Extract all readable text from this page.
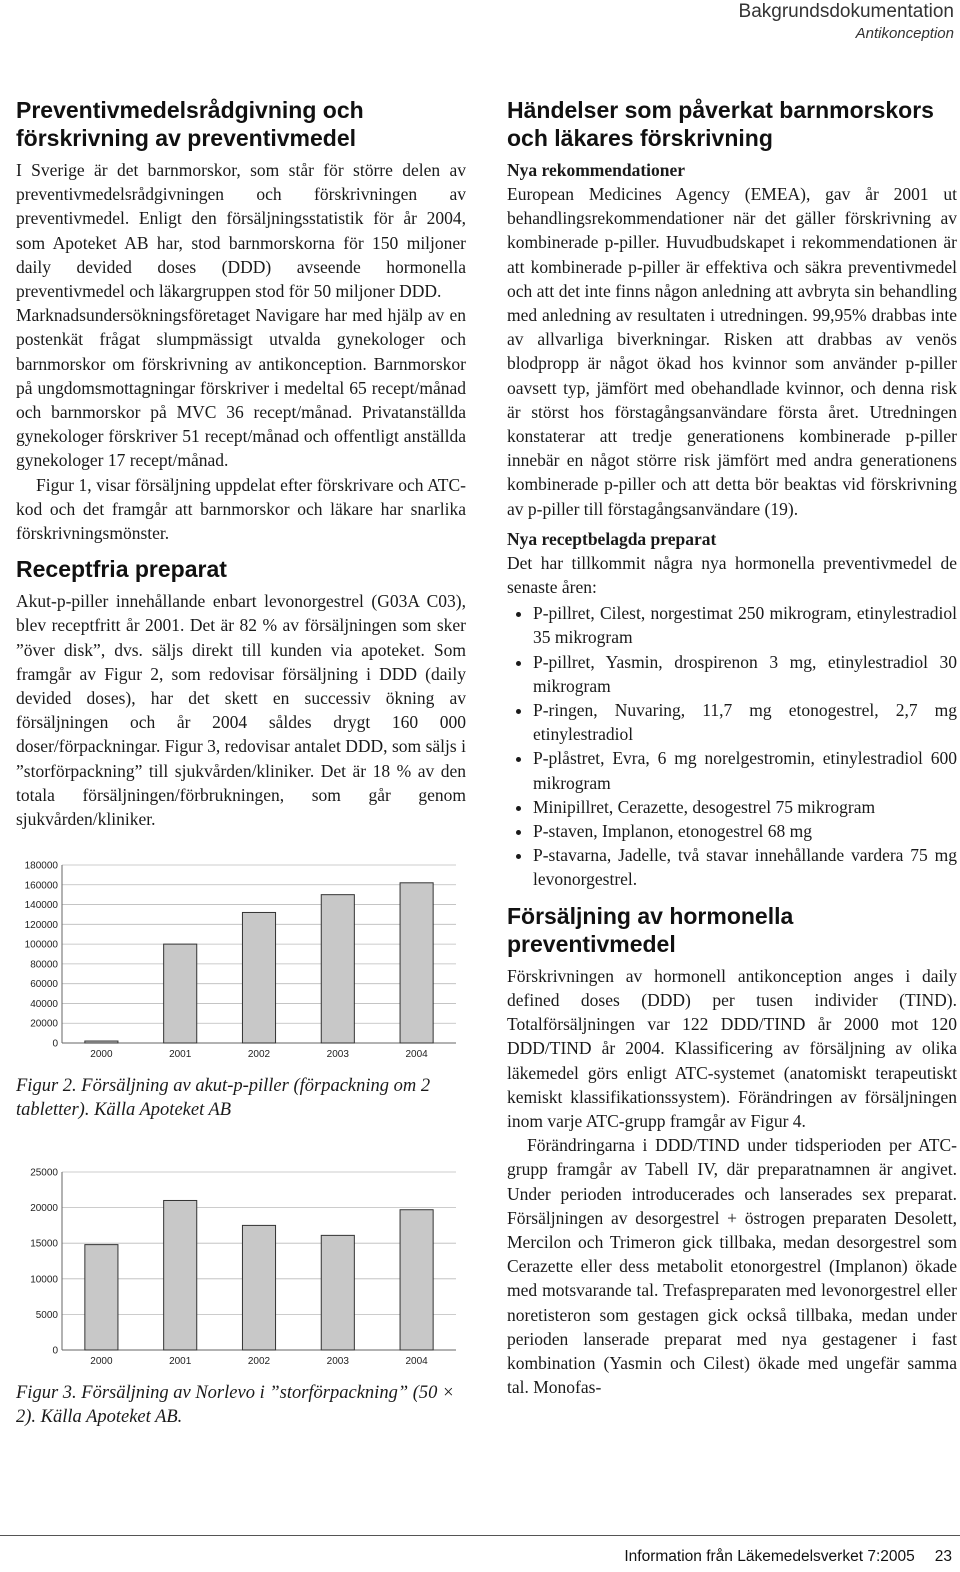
Bakgrundsdokumentation
Antikonception
Preventivmedelsrådgivning och förskrivning av preventivmedel

I Sverige är det barnmorskor, som står för större delen av preventivmedelsrådgivningen och förskrivningen av preventivmedel. Enligt den försäljningsstatistik för år 2004, som Apoteket AB har, stod barnmorskorna för 150 miljoner daily devided doses (DDD) avseende hormonella preventivmedel och läkargruppen stod för 50 miljoner DDD.

Marknadsundersökningsföretaget Navigare har med hjälp av en postenkät frågat slumpmässigt utvalda gynekologer och barnmorskor om förskrivning av antikonception. Barnmorskor på ungdomsmottagningar förskriver i medeltal 65 recept/månad och barnmorskor på MVC 36 recept/månad. Privatanställda gynekologer förskriver 51 recept/månad och offentligt anställda gynekologer 17 recept/månad.

Figur 1, visar försäljning uppdelat efter förskrivare och ATC-kod och det framgår att barnmorskor och läkare har snarlika förskrivningsmönster.

Receptfria preparat

Akut-p-piller innehållande enbart levonorgestrel (G03A C03), blev receptfritt år 2001. Det är 82 % av försäljningen som sker ”över disk”, dvs. säljs direkt till kunden via apoteket. Som framgår av Figur 2, som redovisar försäljning i DDD (daily devided doses), har det skett en successiv ökning av försäljningen och år 2004 såldes drygt 160 000 doser/förpackningar. Figur 3, redovisar antalet DDD, som säljs i ”storförpackning” till sjukvården/kliniker. Det är 18 % av den totala försäljningen/förbrukningen, som går genom sjukvården/kliniker.

0
20000
40000
60000
80000
100000
120000
140000
160000
180000
2000	2001	2002	2003	2004
Figur 2. Försäljning av akut-p-piller (förpackning om 2 tabletter). Källa Apoteket AB
0
5000
10000
15000
20000
25000
2000	2001	2002	2003	2004
Figur 3. Försäljning av Norlevo i ”storförpackning” (50 × 2). Källa Apoteket AB.
Händelser som påverkat barnmorskors och läkares förskrivning
Nya rekommendationer

European Medicines Agency (EMEA), gav år 2001 ut behandlingsrekommendationer när det gäller förskrivning av kombinerade p-piller. Huvudbudskapet i rekommendationen är att kombinerade p-piller är effektiva och säkra preventivmedel och att det inte finns någon anledning att avbryta sin behandling med anledning av resultaten i utredningen. 99,95% drabbas inte av allvarliga biverkningar. Risken att drabbas av venös blodpropp är något ökad hos kvinnor som använder p-piller oavsett typ, jämfört med obehandlade kvinnor, och denna risk är störst hos förstagångsanvändare första året. Utredningen konstaterar att tredje generationens kombinerade p-piller innebär en något större risk jämfört med andra generationens kombinerade p-piller och att detta bör beaktas vid förskrivning av p-piller till förstagångsanvändare (19).

Nya receptbelagda preparat

Det har tillkommit några nya hormonella preventivmedel de senaste åren:

• P-pillret, Cilest, norgestimat 250 mikrogram, etinylestradiol 35 mikrogram
• P-pillret, Yasmin, drospirenon 3 mg, etinylestradiol 30 mikrogram
• P-ringen, Nuvaring, 11,7 mg etonogestrel, 2,7 mg etinylestradiol
• P-plåstret, Evra, 6 mg norelgestromin, etinylestradiol 600 mikrogram
• Minipillret, Cerazette, desogestrel 75 mikrogram
• P-staven, Implanon, etonogestrel 68 mg
• P-stavarna, Jadelle, två stavar innehållande vardera 75 mg levonorgestrel.
Försäljning av hormonella preventivmedel

Förskrivningen av hormonell antikonception anges i daily defined doses (DDD) per tusen individer (TIND). Totalförsäljningen var 122 DDD/TIND år 2000 mot 120 DDD/TIND år 2004. Klassificering av försäljning av olika läkemedel görs enligt ATC-systemet (anatomiskt terapeutiskt kemiskt klassifikationssystem). Förändringen av försäljningen inom varje ATC-grupp framgår av Figur 4.

Förändringarna i DDD/TIND under tidsperioden per ATC-grupp framgår av Tabell IV, där preparatnamnen är angivet. Under perioden introducerades och lanserades sex preparat. Försäljningen av desorgestrel + östrogen preparaten Desolett, Mercilon och Trimeron gick tillbaka, medan desorgestrel som Cerazette eller dess metabolit etonorgestrel (Implanon) ökade med motsvarande tal. Trefaspreparaten med levonorgestrel eller noretisteron som gestagen gick också tillbaka, medan under perioden lanserade preparat med nya gestagener i fast kombination (Yasmin och Cilest) ökade med ungefär samma tal. Monofas-

Information från Läkemedelsverket 7:2005 23
